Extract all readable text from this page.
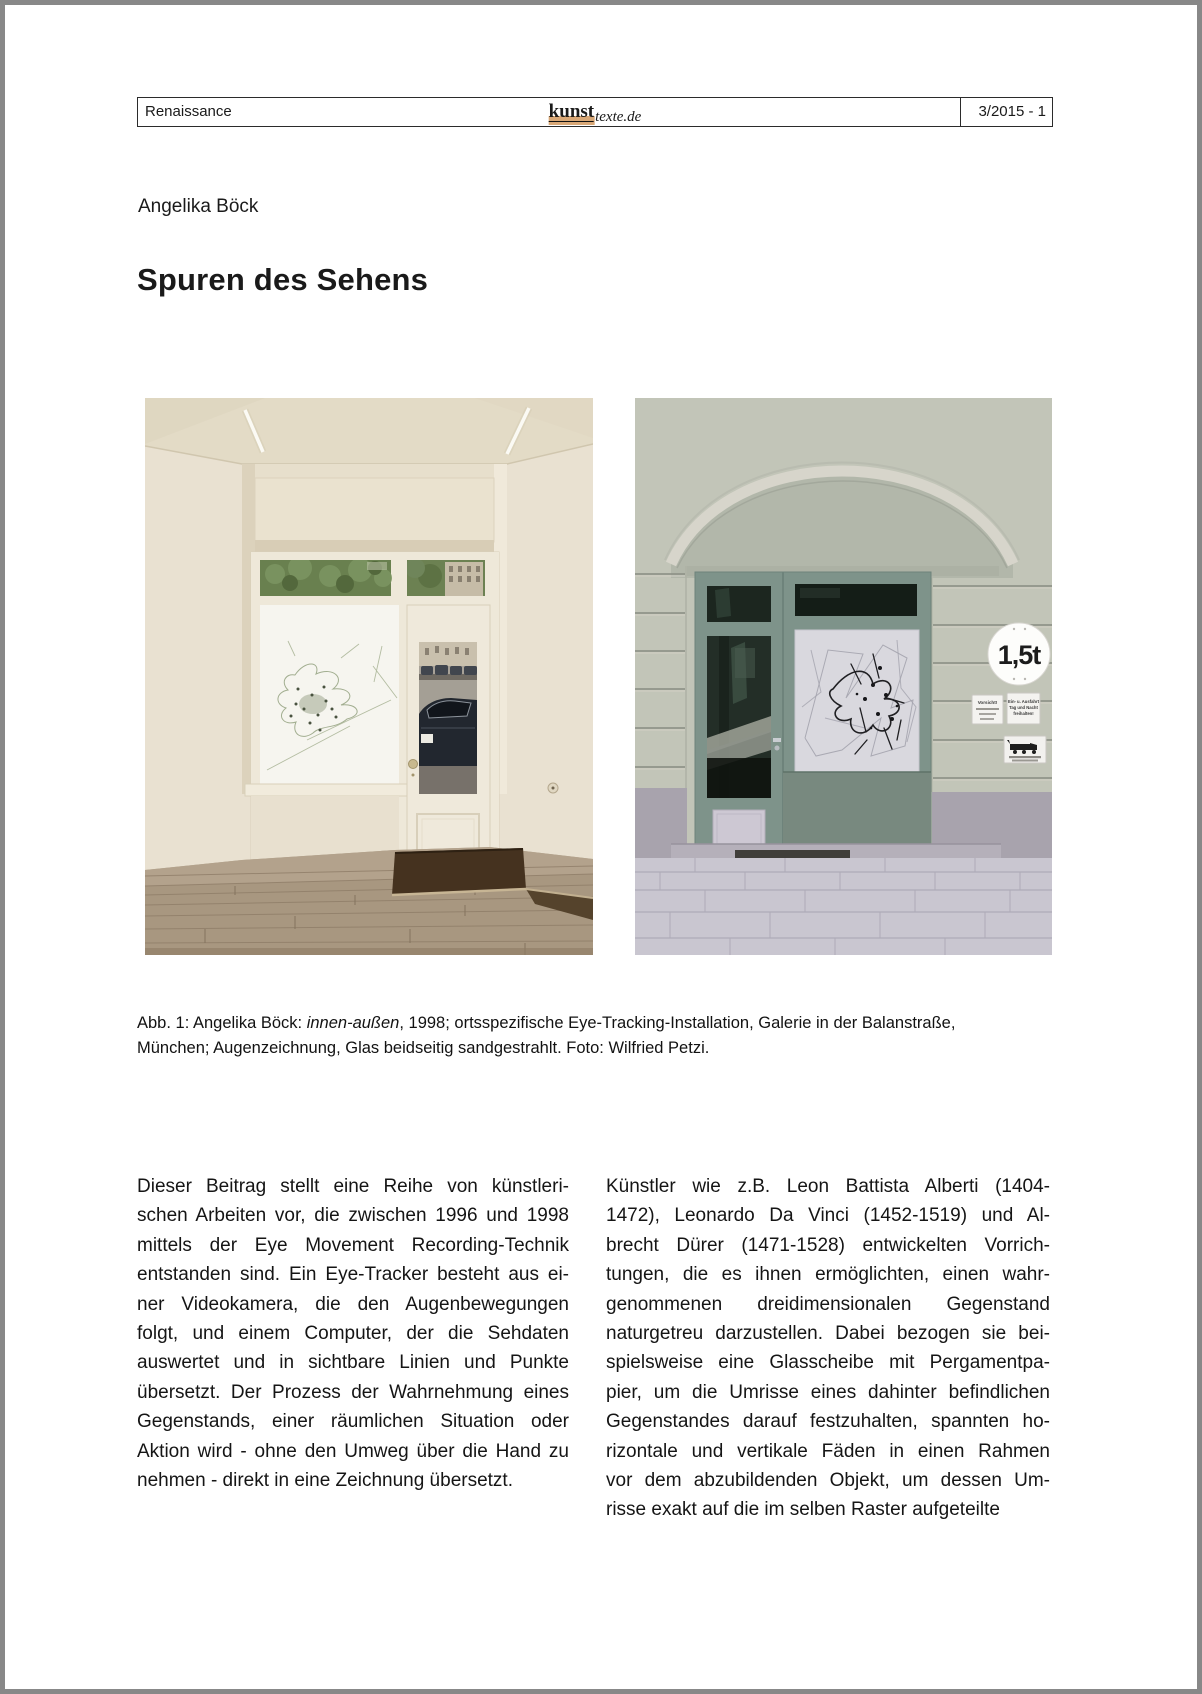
Renaissance	kunst texte.de	3/2015 - 1
Angelika Böck
Spuren des Sehens
1,5t
Vorsicht!	Ein- u. Ausfahrt
Tag und Nacht
freihalten!
Abb. 1: Angelika Böck: innen-außen, 1998; ortsspezifische Eye-Tracking-Installation, Galerie in der Balanstraße,
München; Augenzeichnung, Glas beidseitig sandgestrahlt. Foto: Wilfried Petzi.
Dieser Beitrag stellt eine Reihe von künstleri-
schen Arbeiten vor, die zwischen 1996 und 1998
mittels der Eye Movement Recording-Technik
entstanden sind. Ein Eye-Tracker besteht aus ei-
ner Videokamera, die den Augenbewegungen
folgt, und einem Computer, der die Sehdaten
auswertet und in sichtbare Linien und Punkte
übersetzt. Der Prozess der Wahrnehmung eines
Gegenstands, einer räumlichen Situation oder
Aktion wird - ohne den Umweg über die Hand zu
nehmen - direkt in eine Zeichnung übersetzt.
Künstler wie z.B. Leon Battista Alberti (1404-
1472), Leonardo Da Vinci (1452-1519) und Al-
brecht Dürer (1471-1528) entwickelten Vorrich-
tungen, die es ihnen ermöglichten, einen wahr-
genommenen dreidimensionalen Gegenstand
naturgetreu darzustellen. Dabei bezogen sie bei-
spielsweise eine Glasscheibe mit Pergamentpa-
pier, um die Umrisse eines dahinter befindlichen
Gegenstandes darauf festzuhalten, spannten ho-
rizontale und vertikale Fäden in einen Rahmen
vor dem abzubildenden Objekt, um dessen Um-
risse exakt auf die im selben Raster aufgeteilte
